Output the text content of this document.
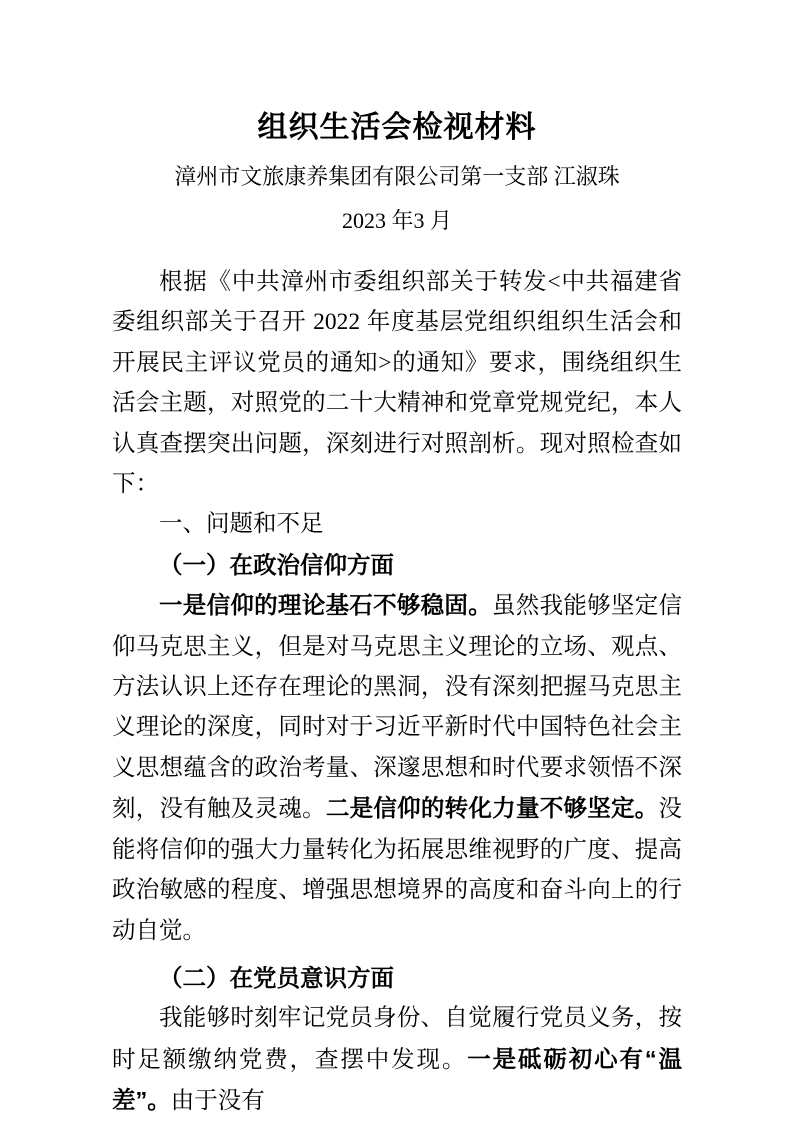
组织生活会检视材料

漳州市文旅康养集团有限公司第一支部 江淑珠

2023 年3 月

根据《中共漳州市委组织部关于转发<中共福建省委组织部关于召开 2022 年度基层党组织组织生活会和开展民主评议党员的通知>的通知》要求，围绕组织生活会主题，对照党的二十大精神和党章党规党纪，本人认真查摆突出问题，深刻进行对照剖析。现对照检查如下：

一、问题和不足

（一）在政治信仰方面

一是信仰的理论基石不够稳固。虽然我能够坚定信仰马克思主义，但是对马克思主义理论的立场、观点、方法认识上还存在理论的黑洞，没有深刻把握马克思主义理论的深度，同时对于习近平新时代中国特色社会主义思想蕴含的政治考量、深邃思想和时代要求领悟不深刻，没有触及灵魂。二是信仰的转化力量不够坚定。没能将信仰的强大力量转化为拓展思维视野的广度、提高政治敏感的程度、增强思想境界的高度和奋斗向上的行动自觉。

（二）在党员意识方面

我能够时刻牢记党员身份、自觉履行党员义务，按时足额缴纳党费，查摆中发现。一是砥砺初心有“温差”。由于没有
